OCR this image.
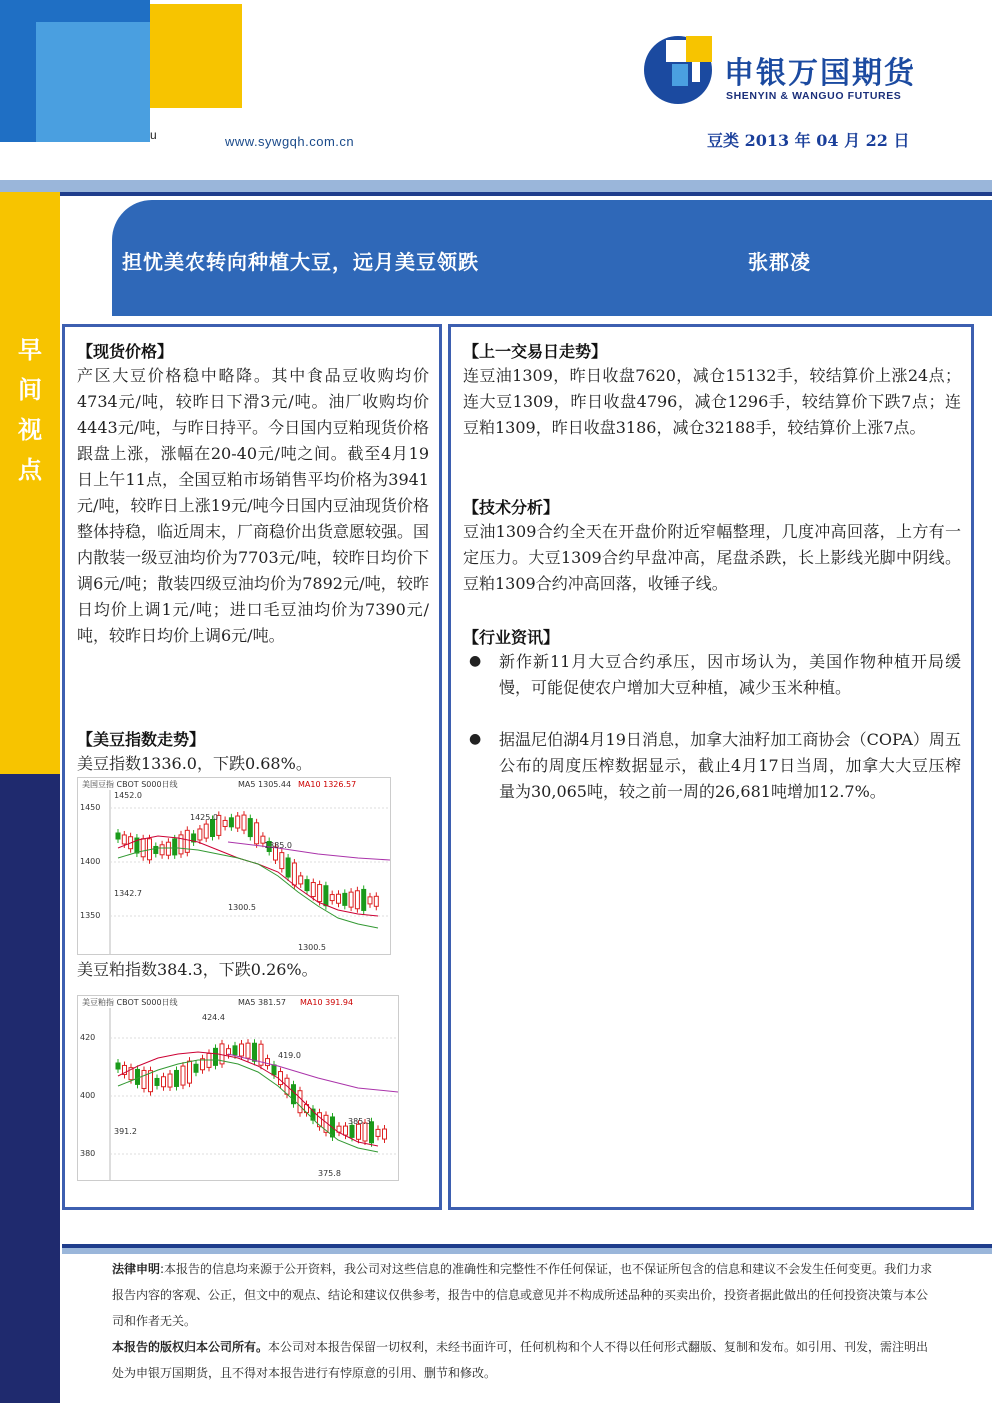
u	www.sywgqh.com.cn
申银万国期货
SHENYIN & WANGUO FUTURES
豆类 2013 年 04 月 22 日
早
间
视
点
担忧美农转向种植大豆，远月美豆领跌	张郡凌
【现货价格】
产区大豆价格稳中略降。其中食品豆收购均价4734元/吨，较昨日下滑3元/吨。油厂收购均价4443元/吨，与昨日持平。今日国内豆粕现货价格跟盘上涨，涨幅在20-40元/吨之间。截至4月19日上午11点，全国豆粕市场销售平均价格为3941元/吨，较昨日上涨19元/吨今日国内豆油现货价格整体持稳，临近周末，厂商稳价出货意愿较强。国内散装一级豆油均价为7703元/吨，较昨日均价下调6元/吨；散装四级豆油均价为7892元/吨，较昨日均价上调1元/吨；进口毛豆油均价为7390元/吨，较昨日均价上调6元/吨。
【美豆指数走势】
美豆指数1336.0，下跌0.68%。
美国豆指 CBOT S000日线	MA5 1305.44 MA10 1326.57
1450
1400
1350
1452.0
1425.0
1385.0
1342.7
1300.5
1300.5
美豆粕指数384.3，下跌0.26%。
美豆粕指 CBOT S000日线	MA5 381.57 MA10 391.94
420
400
380
424.4
419.0
391.2
385.3
375.8
【上一交易日走势】
连豆油1309，昨日收盘7620，减仓15132手，较结算价上涨24点；连大豆1309，昨日收盘4796，减仓1296手，较结算价下跌7点；连豆粕1309，昨日收盘3186，减仓32188手，较结算价上涨7点。
【技术分析】
豆油1309合约全天在开盘价附近窄幅整理，几度冲高回落，上方有一定压力。大豆1309合约早盘冲高，尾盘杀跌，长上影线光脚中阴线。豆粕1309合约冲高回落，收锤子线。
【行业资讯】
● 新作新11月大豆合约承压，因市场认为，美国作物种植开局缓慢，可能促使农户增加大豆种植，减少玉米种植。
● 据温尼伯湖4月19日消息，加拿大油籽加工商协会（COPA）周五公布的周度压榨数据显示，截止4月17日当周，加拿大大豆压榨量为30,065吨，较之前一周的26,681吨增加12.7%。
法律申明:本报告的信息均来源于公开资料，我公司对这些信息的准确性和完整性不作任何保证，也不保证所包含的信息和建议不会发生任何变更。我们力求报告内容的客观、公正，但文中的观点、结论和建议仅供参考，报告中的信息或意见并不构成所述品种的买卖出价，投资者据此做出的任何投资决策与本公司和作者无关。
本报告的版权归本公司所有。本公司对本报告保留一切权利，未经书面许可，任何机构和个人不得以任何形式翻版、复制和发布。如引用、刊发，需注明出处为申银万国期货，且不得对本报告进行有悖原意的引用、删节和修改。
